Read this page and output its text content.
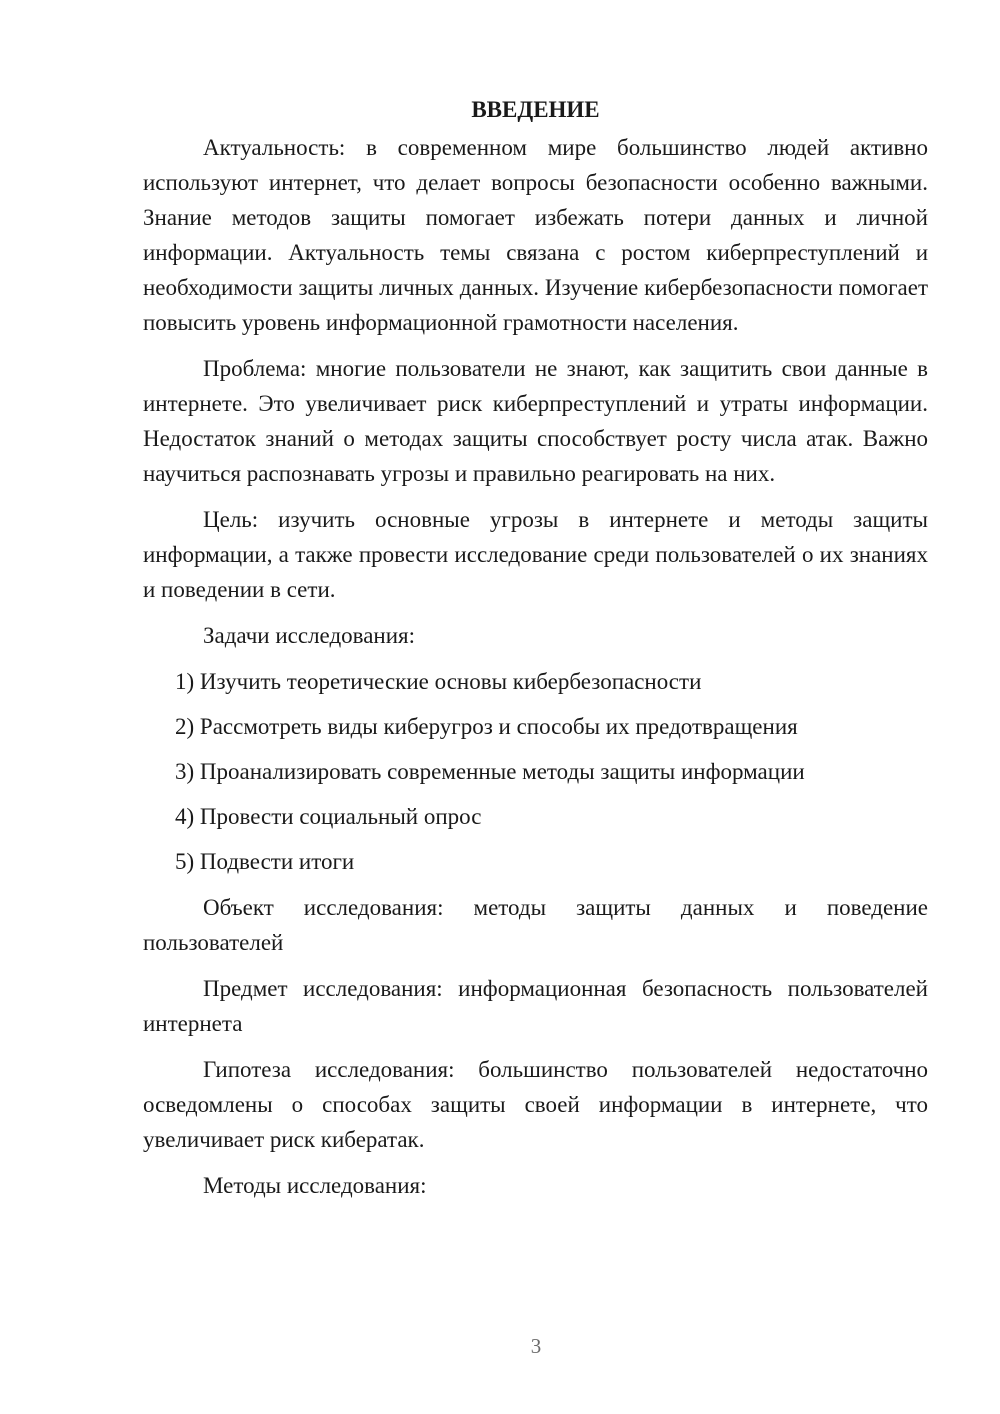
ВВЕДЕНИЕ

Актуальность: в современном мире большинство людей активно используют интернет, что делает вопросы безопасности особенно важными. Знание методов защиты помогает избежать потери данных и личной информации. Актуальность темы связана с ростом киберпреступлений и необходимости защиты личных данных. Изучение кибербезопасности помогает повысить уровень информационной грамотности населения.

Проблема: многие пользователи не знают, как защитить свои данные в интернете. Это увеличивает риск киберпреступлений и утраты информации. Недостаток знаний о методах защиты способствует росту числа атак. Важно научиться распознавать угрозы и правильно реагировать на них.

Цель: изучить основные угрозы в интернете и методы защиты информации, а также провести исследование среди пользователей о их знаниях и поведении в сети.

Задачи исследования:

1) Изучить теоретические основы кибербезопасности
2) Рассмотреть виды киберугроз и способы их предотвращения
3) Проанализировать современные методы защиты информации
4) Провести социальный опрос
5) Подвести итоги

Объект исследования: методы защиты данных и поведение пользователей

Предмет исследования: информационная безопасность пользователей интернета

Гипотеза исследования: большинство пользователей недостаточно осведомлены о способах защиты своей информации в интернете, что увеличивает риск кибератак.

Методы исследования:

3
